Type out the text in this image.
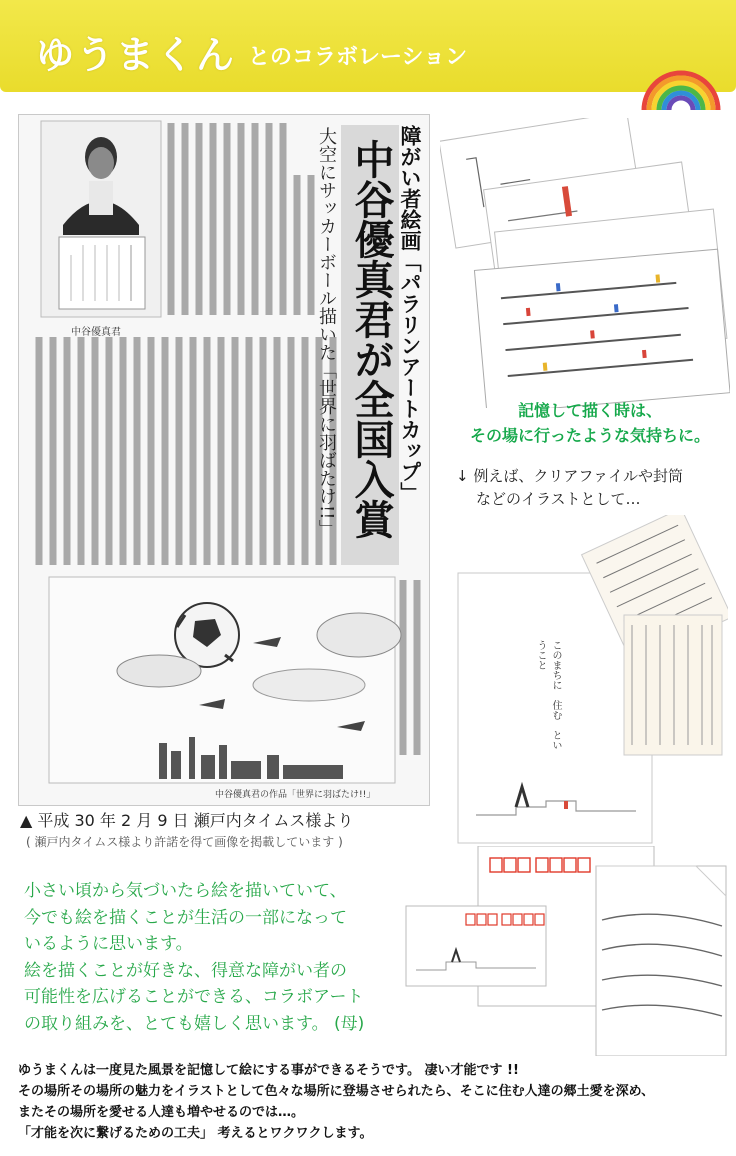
ゆうまくん とのコラボレーション
障がい者絵画「パラリンアートカップ」
中谷優真君が全国入賞
大空にサッカーボール描いた「世界に羽ばたけ!!」
中谷優真君
中谷優真君の作品「世界に羽ばたけ!!」
記憶して描く時は、
その場に行ったような気持ちに。
↓ 例えば、クリアファイルや封筒
などのイラストとして…
このまちに　住む　ということ
▲ 平成 30 年 2 月 9 日 瀬戸内タイムス様より
( 瀬戸内タイムス様より許諾を得て画像を掲載しています )
小さい頃から気づいたら絵を描いていて、
今でも絵を描くことが生活の一部になって
いるように思います。
絵を描くことが好きな、得意な障がい者の
可能性を広げることができる、コラボアート
の取り組みを、とても嬉しく思います。 (母)

ゆうまくんは一度見た風景を記憶して絵にする事ができるそうです。 凄い才能です !!

その場所その場所の魅力をイラストとして色々な場所に登場させられたら、そこに住む人達の郷土愛を深め、

またその場所を愛せる人達も増やせるのでは…。

「才能を次に繋げるための工夫」 考えるとワクワクします。
